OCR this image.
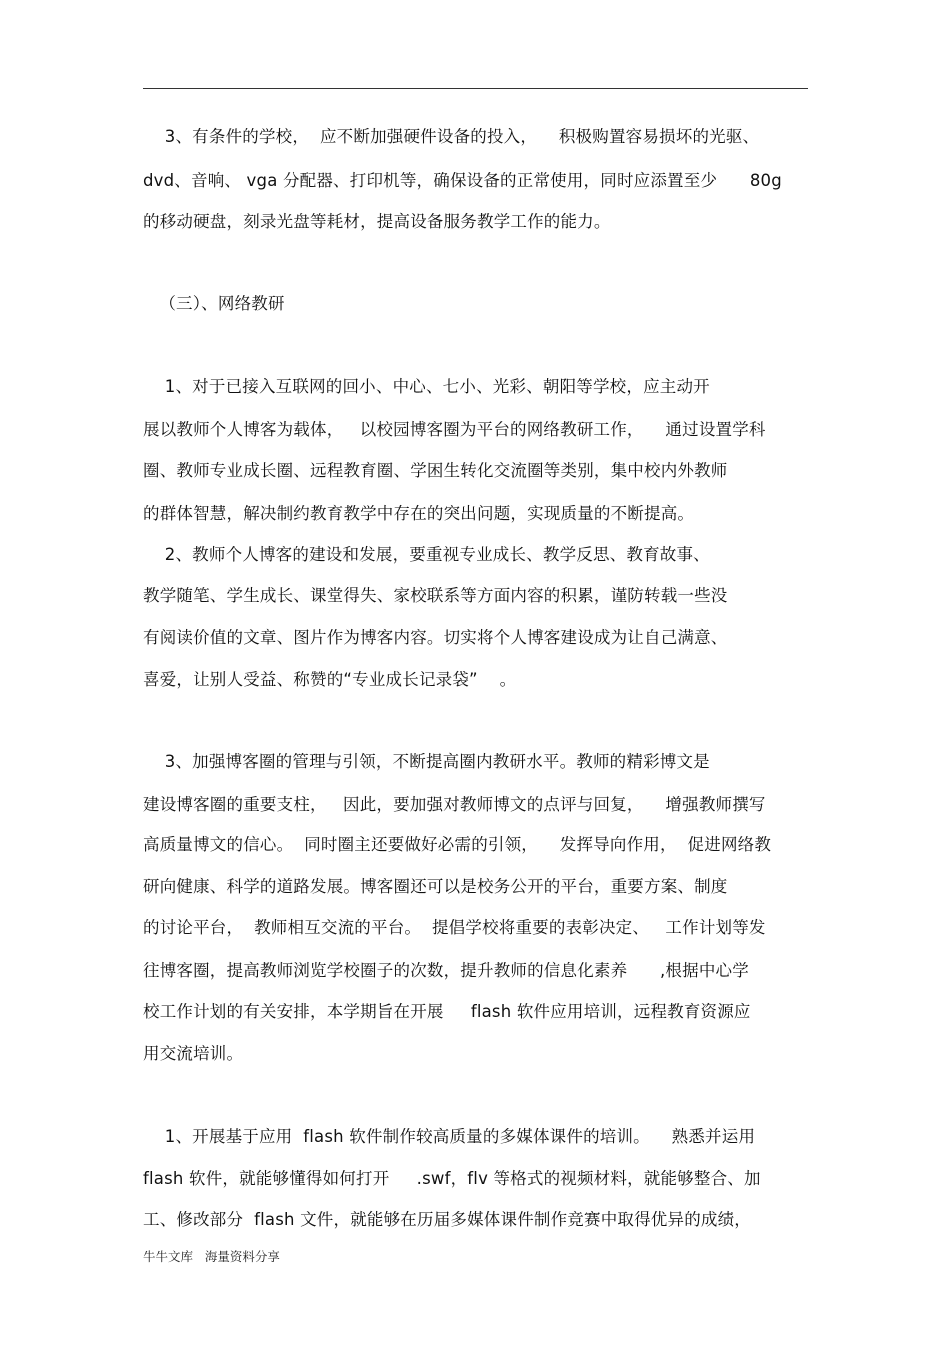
3、有条件的学校，  应不断加强硬件设备的投入，    积极购置容易损坏的光驱、
dvd、音响、 vga 分配器、打印机等，确保设备的正常使用，同时应添置至少      80g
的移动硬盘，刻录光盘等耗材，提高设备服务教学工作的能力。
（三）、网络教研
1、对于已接入互联网的回小、中心、七小、光彩、朝阳等学校，应主动开
展以教师个人博客为载体，   以校园博客圈为平台的网络教研工作，    通过设置学科
圈、教师专业成长圈、远程教育圈、学困生转化交流圈等类别，集中校内外教师
的群体智慧，解决制约教育教学中存在的突出问题，实现质量的不断提高。
2、教师个人博客的建设和发展，要重视专业成长、教学反思、教育故事、
教学随笔、学生成长、课堂得失、家校联系等方面内容的积累，谨防转载一些没
有阅读价值的文章、图片作为博客内容。切实将个人博客建设成为让自己满意、
喜爱，让别人受益、称赞的“专业成长记录袋”    。
3、加强博客圈的管理与引领，不断提高圈内教研水平。教师的精彩博文是
建设博客圈的重要支柱，   因此，要加强对教师博文的点评与回复，    增强教师撰写
高质量博文的信心。  同时圈主还要做好必需的引领，    发挥导向作用，  促进网络教
研向健康、科学的道路发展。博客圈还可以是校务公开的平台，重要方案、制度
的讨论平台，  教师相互交流的平台。  提倡学校将重要的表彰决定、   工作计划等发
往博客圈，提高教师浏览学校圈子的次数，提升教师的信息化素养      ,根据中心学
校工作计划的有关安排，本学期旨在开展     flash 软件应用培训，远程教育资源应
用交流培训。
1、开展基于应用  flash 软件制作较高质量的多媒体课件的培训。    熟悉并运用
flash 软件，就能够懂得如何打开     .swf，flv 等格式的视频材料，就能够整合、加
工、修改部分  flash 文件，就能够在历届多媒体课件制作竞赛中取得优异的成绩，
牛牛文库   海量资料分享
